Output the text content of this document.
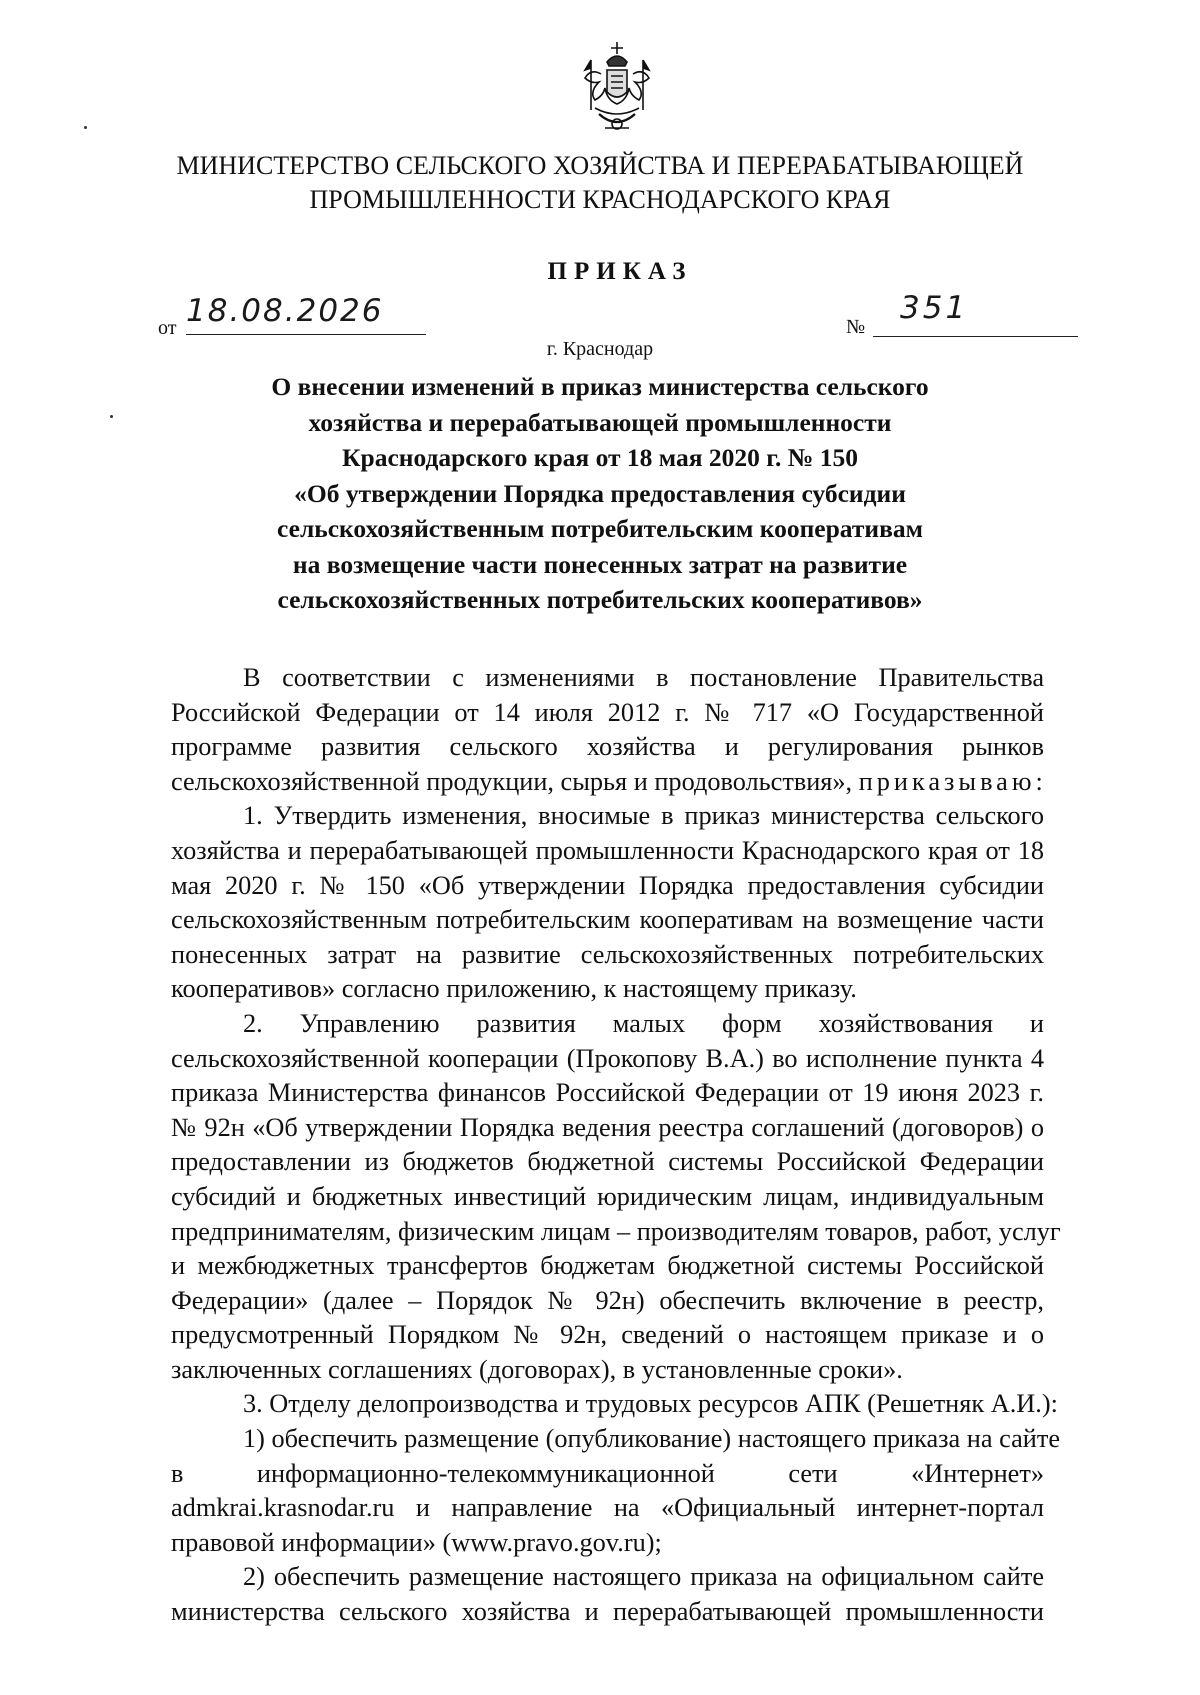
МИНИСТЕРСТВО СЕЛЬСКОГО ХОЗЯЙСТВА И ПЕРЕРАБАТЫВАЮЩЕЙ
ПРОМЫШЛЕННОСТИ КРАСНОДАРСКОГО КРАЯ
ПРИКАЗ
от 18.08.2026	№
351
г. Краснодар
О внесении изменений в приказ министерства сельского
хозяйства и перерабатывающей промышленности
Краснодарского края от 18 мая 2020 г. № 150
«Об утверждении Порядка предоставления субсидии
сельскохозяйственным потребительским кооперативам
на возмещение части понесенных затрат на развитие
сельскохозяйственных потребительских кооперативов»
В соответствии с изменениями в постановление Правительства
Российской Федерации от 14 июля 2012 г. № 717 «О Государственной
программе развития сельского хозяйства и регулирования рынков
сельскохозяйственной продукции, сырья и продовольствия», приказываю:
1. Утвердить изменения, вносимые в приказ министерства сельского
хозяйства и перерабатывающей промышленности Краснодарского края от 18
мая 2020 г. № 150 «Об утверждении Порядка предоставления субсидии
сельскохозяйственным потребительским кооперативам на возмещение части
понесенных затрат на развитие сельскохозяйственных потребительских
кооперативов» согласно приложению, к настоящему приказу.
2. Управлению развития малых форм хозяйствования и
сельскохозяйственной кооперации (Прокопову В.А.) во исполнение пункта 4
приказа Министерства финансов Российской Федерации от 19 июня 2023 г.
№ 92н «Об утверждении Порядка ведения реестра соглашений (договоров) о
предоставлении из бюджетов бюджетной системы Российской Федерации
субсидий и бюджетных инвестиций юридическим лицам, индивидуальным
предпринимателям, физическим лицам – производителям товаров, работ, услуг
и межбюджетных трансфертов бюджетам бюджетной системы Российской
Федерации» (далее – Порядок № 92н) обеспечить включение в реестр,
предусмотренный Порядком № 92н, сведений о настоящем приказе и о
заключенных соглашениях (договорах), в установленные сроки».
3. Отделу делопроизводства и трудовых ресурсов АПК (Решетняк А.И.):
1) обеспечить размещение (опубликование) настоящего приказа на сайте
в информационно-телекоммуникационной сети «Интернет»
admkrai.krasnodar.ru и направление на «Официальный интернет-портал
правовой информации» (www.pravo.gov.ru);
2) обеспечить размещение настоящего приказа на официальном сайте
министерства сельского хозяйства и перерабатывающей промышленности
